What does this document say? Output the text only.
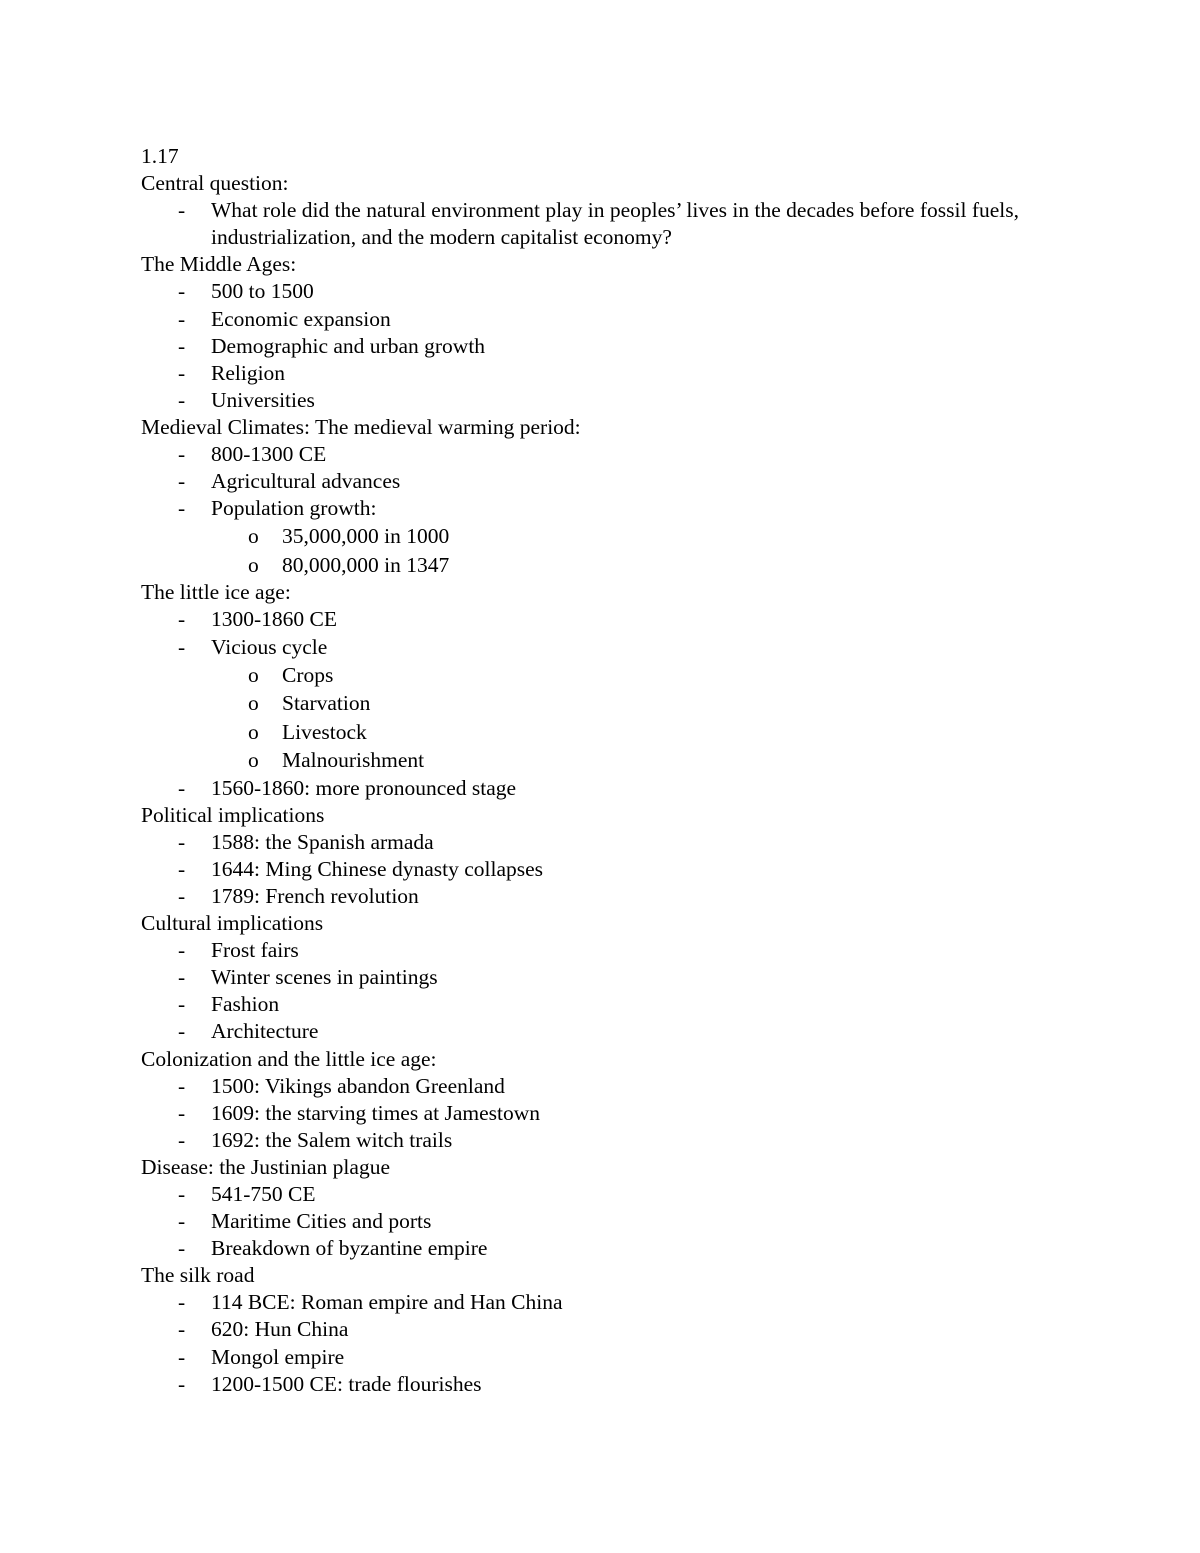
1.17
Central question:
- What role did the natural environment play in peoples’ lives in the decades before fossil fuels, industrialization, and the modern capitalist economy?
The Middle Ages:
- 500 to 1500
- Economic expansion
- Demographic and urban growth
- Religion
- Universities
Medieval Climates: The medieval warming period:
- 800-1300 CE
- Agricultural advances
- Population growth:
o 35,000,000 in 1000
o 80,000,000 in 1347
The little ice age:
- 1300-1860 CE
- Vicious cycle
o Crops
o Starvation
o Livestock
o Malnourishment
- 1560-1860: more pronounced stage
Political implications
- 1588: the Spanish armada
- 1644: Ming Chinese dynasty collapses
- 1789: French revolution
Cultural implications
- Frost fairs
- Winter scenes in paintings
- Fashion
- Architecture
Colonization and the little ice age:
- 1500: Vikings abandon Greenland
- 1609: the starving times at Jamestown
- 1692: the Salem witch trails
Disease: the Justinian plague
- 541-750 CE
- Maritime Cities and ports
- Breakdown of byzantine empire
The silk road
- 114 BCE: Roman empire and Han China
- 620: Hun China
- Mongol empire
- 1200-1500 CE: trade flourishes
